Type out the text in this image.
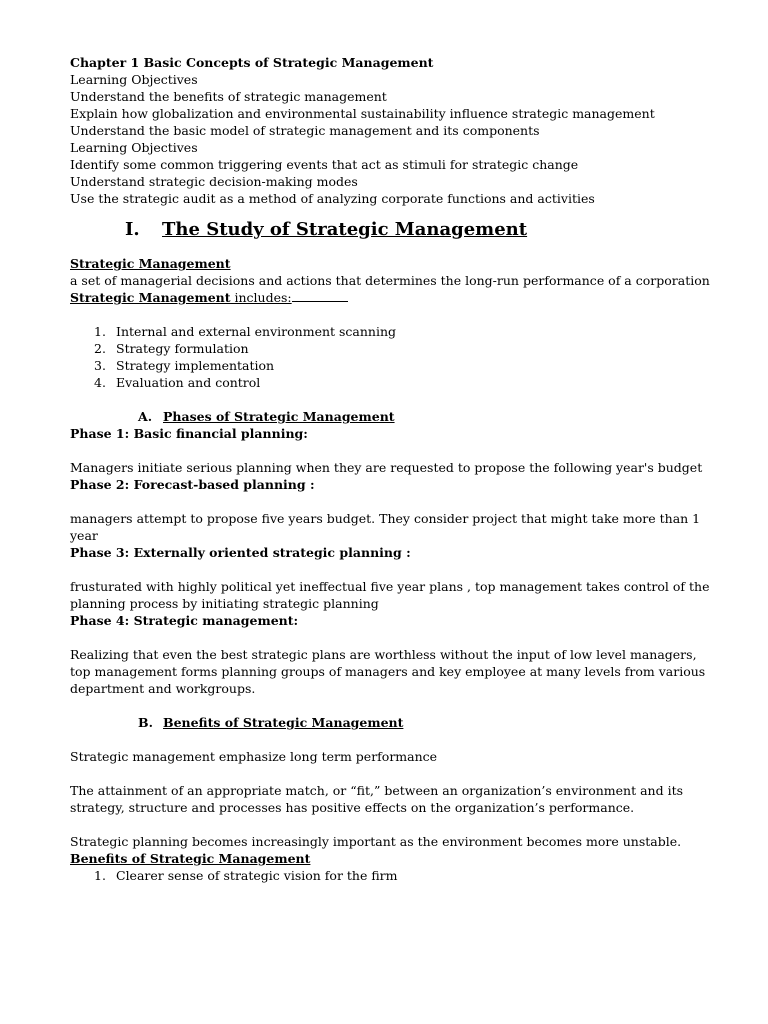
Chapter 1 Basic Concepts of Strategic Management
Learning Objectives
Understand the benefits of strategic management
Explain how globalization and environmental sustainability influence strategic management
Understand the basic model of strategic management and its components
Learning Objectives
Identify some common triggering events that act as stimuli for strategic change
Understand strategic decision-making modes
Use the strategic audit as a method of analyzing corporate functions and activities
I. The Study of Strategic Management
Strategic Management
a set of managerial decisions and actions that determines the long-run performance of a corporation
Strategic Management includes:
1. Internal and external environment scanning
2. Strategy formulation
3. Strategy implementation
4. Evaluation and control
A. Phases of Strategic Management
Phase 1: Basic financial planning:
Managers initiate serious planning when they are requested to propose the following year's budget
Phase 2: Forecast-based planning :
managers attempt to propose five years budget. They consider project that might take more than 1 year
Phase 3: Externally oriented strategic planning :
frusturated with highly political yet ineffectual five year plans , top management takes control of the planning process by initiating strategic planning
Phase 4: Strategic management:
Realizing that even the best strategic plans are worthless without the input of low level managers, top management forms planning groups of managers and key employee at many levels from various department and workgroups.
B. Benefits of Strategic Management
Strategic management emphasize long term performance
The attainment of an appropriate match, or “fit,” between an organization’s environment and its strategy, structure and processes has positive effects on the organization’s performance.
Strategic planning becomes increasingly important as the environment becomes more unstable.
Benefits of Strategic Management
1. Clearer sense of strategic vision for the firm
